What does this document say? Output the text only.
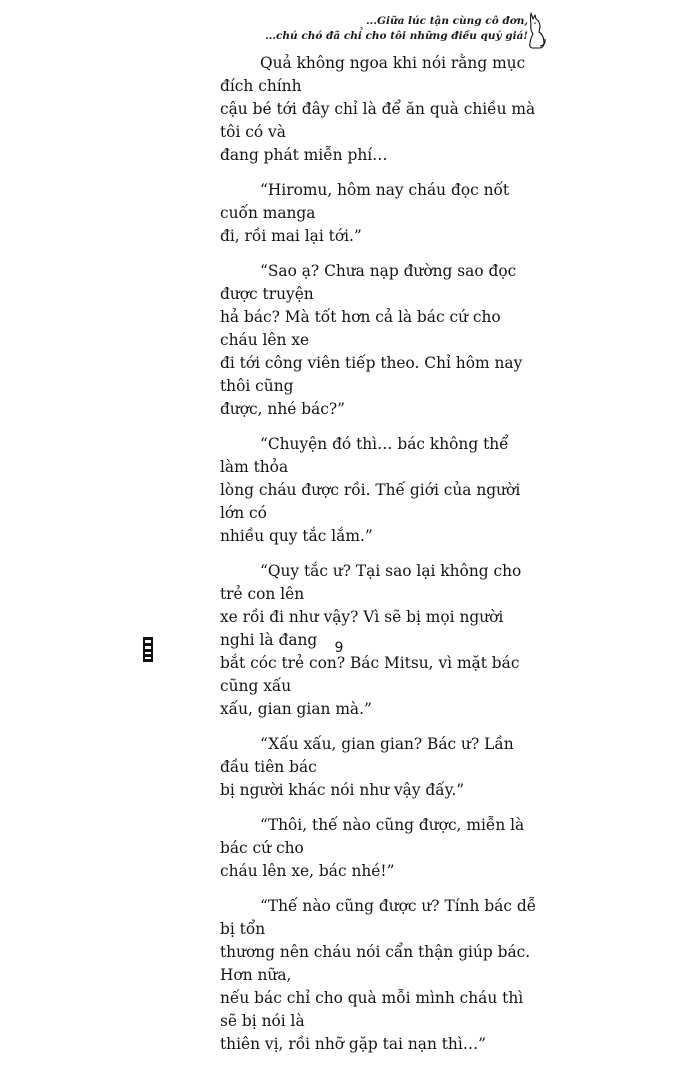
...Giữa lúc tận cùng cô đơn,
...chú chó đã chỉ cho tôi những điều quý giá!

Quả không ngoa khi nói rằng mục đích chính
cậu bé tới đây chỉ là để ăn quà chiều mà tôi có và
đang phát miễn phí…

“Hiromu, hôm nay cháu đọc nốt cuốn manga
đi, rồi mai lại tới.”

“Sao ạ? Chưa nạp đường sao đọc được truyện
hả bác? Mà tốt hơn cả là bác cứ cho cháu lên xe
đi tới công viên tiếp theo. Chỉ hôm nay thôi cũng
được, nhé bác?”

“Chuyện đó thì… bác không thể làm thỏa
lòng cháu được rồi. Thế giới của người lớn có
nhiều quy tắc lắm.”

“Quy tắc ư? Tại sao lại không cho trẻ con lên
xe rồi đi như vậy? Vì sẽ bị mọi người nghi là đang
bắt cóc trẻ con? Bác Mitsu, vì mặt bác cũng xấu
xấu, gian gian mà.”

“Xấu xấu, gian gian? Bác ư? Lần đầu tiên bác
bị người khác nói như vậy đấy.”

“Thôi, thế nào cũng được, miễn là bác cứ cho
cháu lên xe, bác nhé!”

“Thế nào cũng được ư? Tính bác dễ bị tổn
thương nên cháu nói cẩn thận giúp bác. Hơn nữa,
nếu bác chỉ cho quà mỗi mình cháu thì sẽ bị nói là
thiên vị, rồi nhỡ gặp tai nạn thì…”

9
